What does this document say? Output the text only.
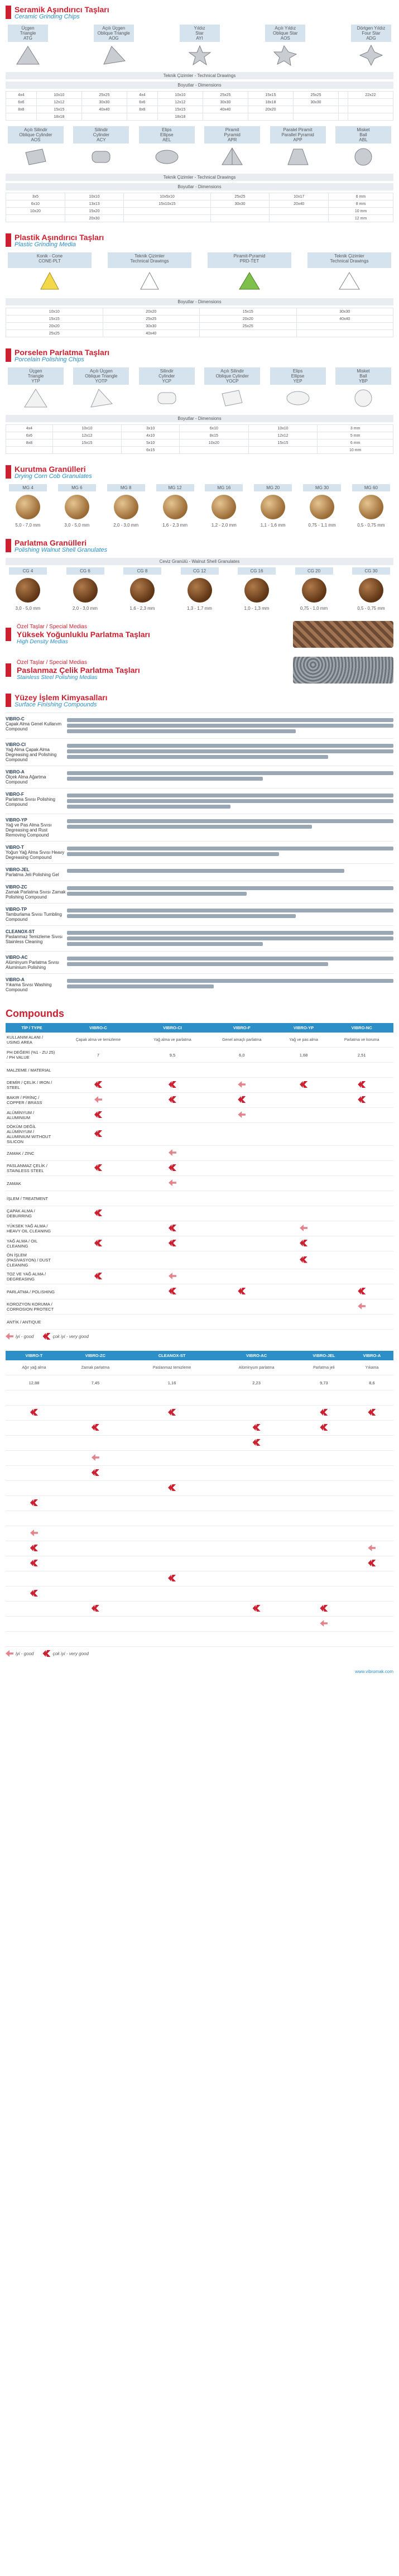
Seramik Aşındırıcı Taşları
Ceramic Grinding Chips
Üçgen
Triangle
ATG
Açılı Üçgen
Oblique Triangle
AOG
Yıldız
Star
AYI
Açılı Yıldız
Oblique Star
AOS
Dörtgen Yıldız
Four Star
ADG
Teknik Çizimler - Technical Drawings
Boyutlar - Dimensions
4x4	10x10	25x25	4x4	10x10	25x25	15x15	25x25		22x22
6x6	12x12	30x30	6x6	12x12	30x30	18x18	30x30		
8x8	15x15	40x40	8x8	15x15	40x40	20x20			
	18x18			18x18					
Açılı Silindir
Oblique Cylinder
AOS
Silindir
Cylinder
ACY
Elips
Ellipse
AEL
Piramit
Pyramid
APR
Paralel Piramit
Parallel Pyramid
APP
Misket
Ball
ABL
Teknik Çizimler - Technical Drawings
Boyutlar - Dimensions
3x5	10x10	10x5x10	25x25	10x17	6 mm
6x10	13x13	15x10x15	30x30	20x40	8 mm
10x20	15x20				10 mm
	20x30				12 mm
Plastik Aşındırıcı Taşları
Plastic Grinding Media
Konik - Cone
CONE-PLT
Teknik Çizimler
Technical Drawings
Piramit-Pyramid
PRD-TET
Teknik Çizimler
Technical Drawings
Boyutlar - Dimensions
10x10	20x20	15x15	30x30
15x15	25x25	20x20	40x40
20x20	30x30	25x25	
25x25	40x40		
Porselen Parlatma Taşları
Porcelain Polishing Chips
Üçgen
Triangle
YTP
Açılı Üçgen
Oblique Triangle
YOTP
Silindir
Cylinder
YCP
Açılı Silindir
Oblique Cylinder
YOCP
Elips
Ellipse
YEP
Misket
Ball
YBP
Boyutlar - Dimensions
4x4	10x10	3x10	6x10	10x10	3 mm
6x6	12x12	4x10	8x15	12x12	5 mm
8x8	15x15	5x10	10x20	15x15	6 mm
		6x15			10 mm
Kurutma Granülleri
Drying Corn Cob Granulates
MG 4
5,0 - 7,0 mm
MG 6
3,0 - 5,0 mm
MG 8
2,0 - 3,0 mm
MG 12
1,6 - 2,3 mm
MG 16
1,2 - 2,0 mm
MG 20
1,1 - 1,6 mm
MG 30
0,75 - 1,1 mm
MG 60
0,5 - 0,75 mm
Parlatma Granülleri
Polishing Walnut Shell Granulates
Ceviz Granülü - Walnut Shell Granulates
CG 4
3,0 - 5,0 mm
CG 6
2,0 - 3,0 mm
CG 8
1,6 - 2,3 mm
CG 12
1,3 - 1,7 mm
CG 16
1,0 - 1,3 mm
CG 20
0,75 - 1,0 mm
CG 30
0,5 - 0,75 mm
Özel Taşlar / Special Medias
Yüksek Yoğunluklu Parlatma Taşları
High Density Medias
Özel Taşlar / Special Medias
Paslanmaz Çelik Parlatma Taşları
Stainless Steel Polishing Medias
Yüzey İşlem Kimyasalları
Surface Finishing Compounds
VIBRO-C
Çapak Alma Genel Kullanım Compound
VIBRO-CI
Yağ Alma Çapak Alma Degreasing and Polishing Compound
VIBRO-A
Ölçek Alma Ağartma Compound
VIBRO-F
Parlatma Sıvısı Polishing Compound
VIBRO-YP
Yağ ve Pas Alma Sıvısı Degreasing and Rust Removing Compound
VIBRO-T
Yoğun Yağ Alma Sıvısı Heavy Degreasing Compound
VIBRO-JEL
Parlatma Jeli Polishing Gel
VIBRO-ZC
Zamak Parlatma Sıvısı Zamak Polishing Compound
VIBRO-TP
Tamburlama Sıvısı Tumbling Compound
CLEANOX-ST
Paslanmaz Temizleme Sıvısı Stainless Cleaning
VIBRO-AC
Alüminyum Parlatma Sıvısı Aluminium Polishing
VIBRO-A
Yıkama Sıvısı Washing Compound
Compounds
TİP / TYPE	VIBRO-C	VIBRO-CI	VIBRO-F	VIBRO-YP	VIBRO-NC
KULLANIM ALANI / USING AREA	Çapak alma ve temizleme	Yağ alma ve parlatma	Genel amaçlı parlatma	Yağ ve pas alma	Parlatma ve koruma
PH DEĞERİ (%1 - ZU 25) / PH VALUE	7	9,5	6,0	1,68	2,51
MALZEME / MATERIAL					
DEMİR / ÇELİK / IRON / STEEL					
BAKIR / PİRİNÇ / COPPER / BRASS					
ALÜMİNYUM / ALUMINIUM					
DÖKÜM DEĞİL ALÜMİNYUM / ALUMINIUM WITHOUT SILICON					
ZAMAK / ZINC					
PASLANMAZ ÇELİK / STAINLESS STEEL					
ZAMAK					
İŞLEM / TREATMENT					
ÇAPAK ALMA / DEBURRING					
YÜKSEK YAĞ ALMA / HEAVY OIL CLEANING					
YAĞ ALMA / OIL CLEANING					
ÖN İŞLEM (PASİVASYON) / DUST CLEANING					
TOZ VE YAĞ ALMA / DEGREASING					
PARLATMA / POLISHING					
KOROZYON KORUMA / CORROSION PROTECT					
ANTİK / ANTIQUE					
iyi - good	çok iyi - very good
VIBRO-T	VIBRO-ZC	CLEANOX-ST	VIBRO-AC	VIBRO-JEL	VIBRO-A
Ağır yağ alma	Zamak parlatma	Paslanmaz temizleme	Alüminyum parlatma	Parlatma jeli	Yıkama
12,88	7,45	1,16	2,23	9,73	8,6

iyi - good	çok iyi - very good
www.vibromak.com
